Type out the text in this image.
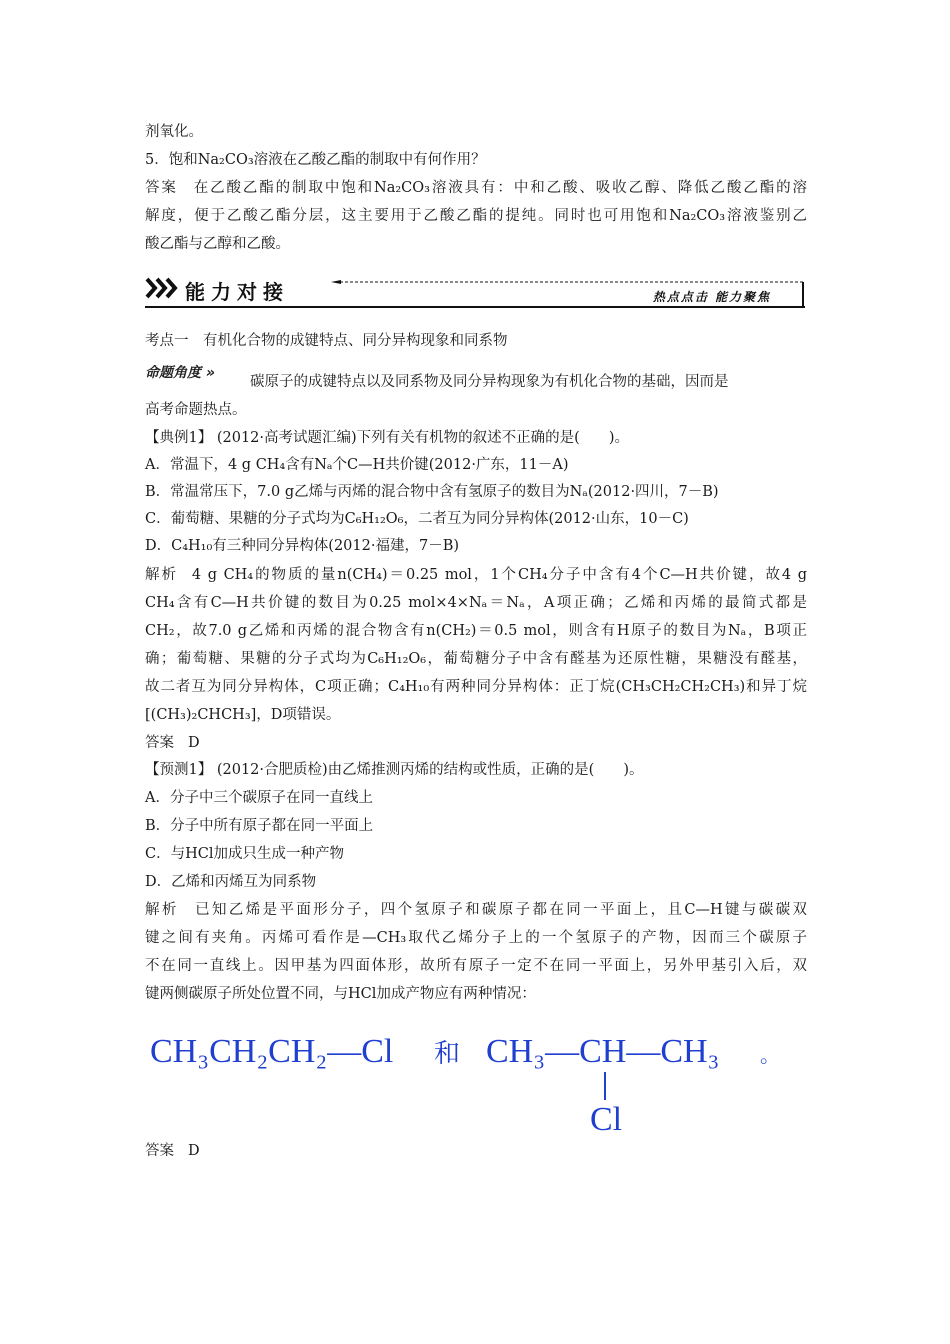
剂氧化。
5．饱和Na₂CO₃溶液在乙酸乙酯的制取中有何作用？
答案 在乙酸乙酯的制取中饱和Na₂CO₃溶液具有：中和乙酸、吸收乙醇、降低乙酸乙酯的溶
解度，便于乙酸乙酯分层，这主要用于乙酸乙酯的提纯。同时也可用饱和Na₂CO₃溶液鉴别乙
酸乙酯与乙醇和乙酸。
能力对接	热点点击 能力聚焦
考点一　有机化合物的成键特点、同分异构现象和同系物
命题角度 »
碳原子的成键特点以及同系物及同分异构现象为有机化合物的基础，因而是
高考命题热点。
【典例1】 (2012·高考试题汇编)下列有关有机物的叙述不正确的是(　　)。
A．常温下，4 g CH₄含有Nₐ个C—H共价键(2012·广东，11－A)
B．常温常压下，7.0 g乙烯与丙烯的混合物中含有氢原子的数目为Nₐ(2012·四川，7－B)
C．葡萄糖、果糖的分子式均为C₆H₁₂O₆，二者互为同分异构体(2012·山东，10－C)
D．C₄H₁₀有三种同分异构体(2012·福建，7－B)
解析 4 g CH₄的物质的量n(CH₄)＝0.25 mol，1个CH₄分子中含有4个C—H共价键，故4 g
CH₄含有C—H共价键的数目为0.25 mol×4×Nₐ＝Nₐ，A项正确；乙烯和丙烯的最简式都是
CH₂，故7.0 g乙烯和丙烯的混合物含有n(CH₂)＝0.5 mol，则含有H原子的数目为Nₐ，B项正
确；葡萄糖、果糖的分子式均为C₆H₁₂O₆，葡萄糖分子中含有醛基为还原性糖，果糖没有醛基，
故二者互为同分异构体，C项正确；C₄H₁₀有两种同分异构体：正丁烷(CH₃CH₂CH₂CH₃)和异丁烷
[(CH₃)₂CHCH₃]，D项错误。
答案 D
【预测1】 (2012·合肥质检)由乙烯推测丙烯的结构或性质，正确的是(　　)。
A．分子中三个碳原子在同一直线上
B．分子中所有原子都在同一平面上
C．与HCl加成只生成一种产物
D．乙烯和丙烯互为同系物
解析 已知乙烯是平面形分子，四个氢原子和碳原子都在同一平面上，且C—H键与碳碳双
键之间有夹角。丙烯可看作是—CH₃取代乙烯分子上的一个氢原子的产物，因而三个碳原子
不在同一直线上。因甲基为四面体形，故所有原子一定不在同一平面上，另外甲基引入后，双
键两侧碳原子所处位置不同，与HCl加成产物应有两种情况：
CH₃CH₂CH₂—Cl 和 CH₃—CH—CH₃
Cl
。
答案 D
